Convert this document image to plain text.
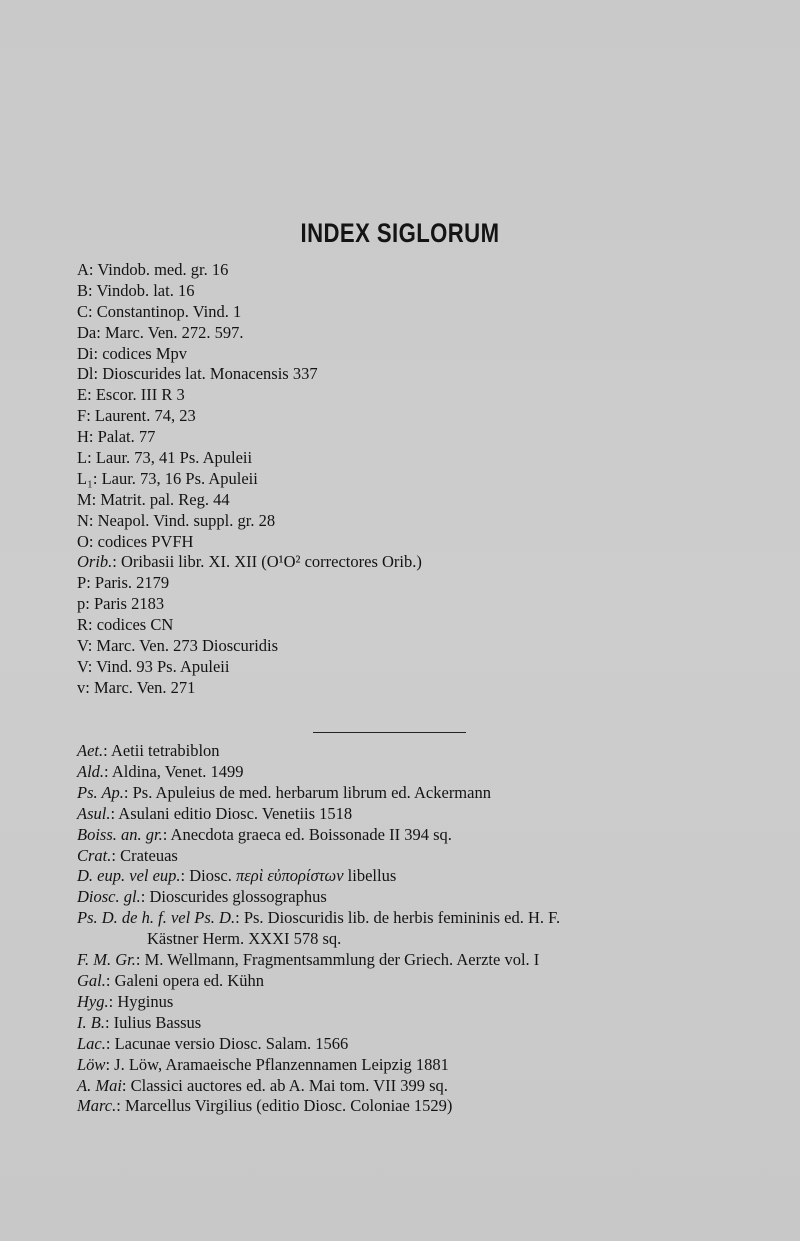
INDEX SIGLORUM
A: Vindob. med. gr. 16
B: Vindob. lat. 16
C: Constantinop. Vind. 1
Da: Marc. Ven. 272. 597.
Di: codices Mpv
Dl: Dioscurides lat. Monacensis 337
E: Escor. III R 3
F: Laurent. 74, 23
H: Palat. 77
L: Laur. 73, 41 Ps. Apuleii
L₁: Laur. 73, 16 Ps. Apuleii
M: Matrit. pal. Reg. 44
N: Neapol. Vind. suppl. gr. 28
O: codices PVFH
Orib.: Oribasii libr. XI. XII (O¹O² correctores Orib.)
P: Paris. 2179
p: Paris 2183
R: codices CN
V: Marc. Ven. 273 Dioscuridis
V: Vind. 93 Ps. Apuleii
v: Marc. Ven. 271
Aet.: Aetii tetrabiblon
Ald.: Aldina, Venet. 1499
Ps. Ap.: Ps. Apuleius de med. herbarum librum ed. Ackermann
Asul.: Asulani editio Diosc. Venetiis 1518
Boiss. an. gr.: Anecdota graeca ed. Boissonade II 394 sq.
Crat.: Crateuas
D. eup. vel eup.: Diosc. περὶ εὐπορίστων libellus
Diosc. gl.: Dioscurides glossographus
Ps. D. de h. f. vel Ps. D.: Ps. Dioscuridis lib. de herbis femininis ed. H. F.
Kästner Herm. XXXI 578 sq.
F. M. Gr.: M. Wellmann, Fragmentsammlung der Griech. Aerzte vol. I
Gal.: Galeni opera ed. Kühn
Hyg.: Hyginus
I. B.: Iulius Bassus
Lac.: Lacunae versio Diosc. Salam. 1566
Löw: J. Löw, Aramaeische Pflanzennamen Leipzig 1881
A. Mai: Classici auctores ed. ab A. Mai tom. VII 399 sq.
Marc.: Marcellus Virgilius (editio Diosc. Coloniae 1529)
